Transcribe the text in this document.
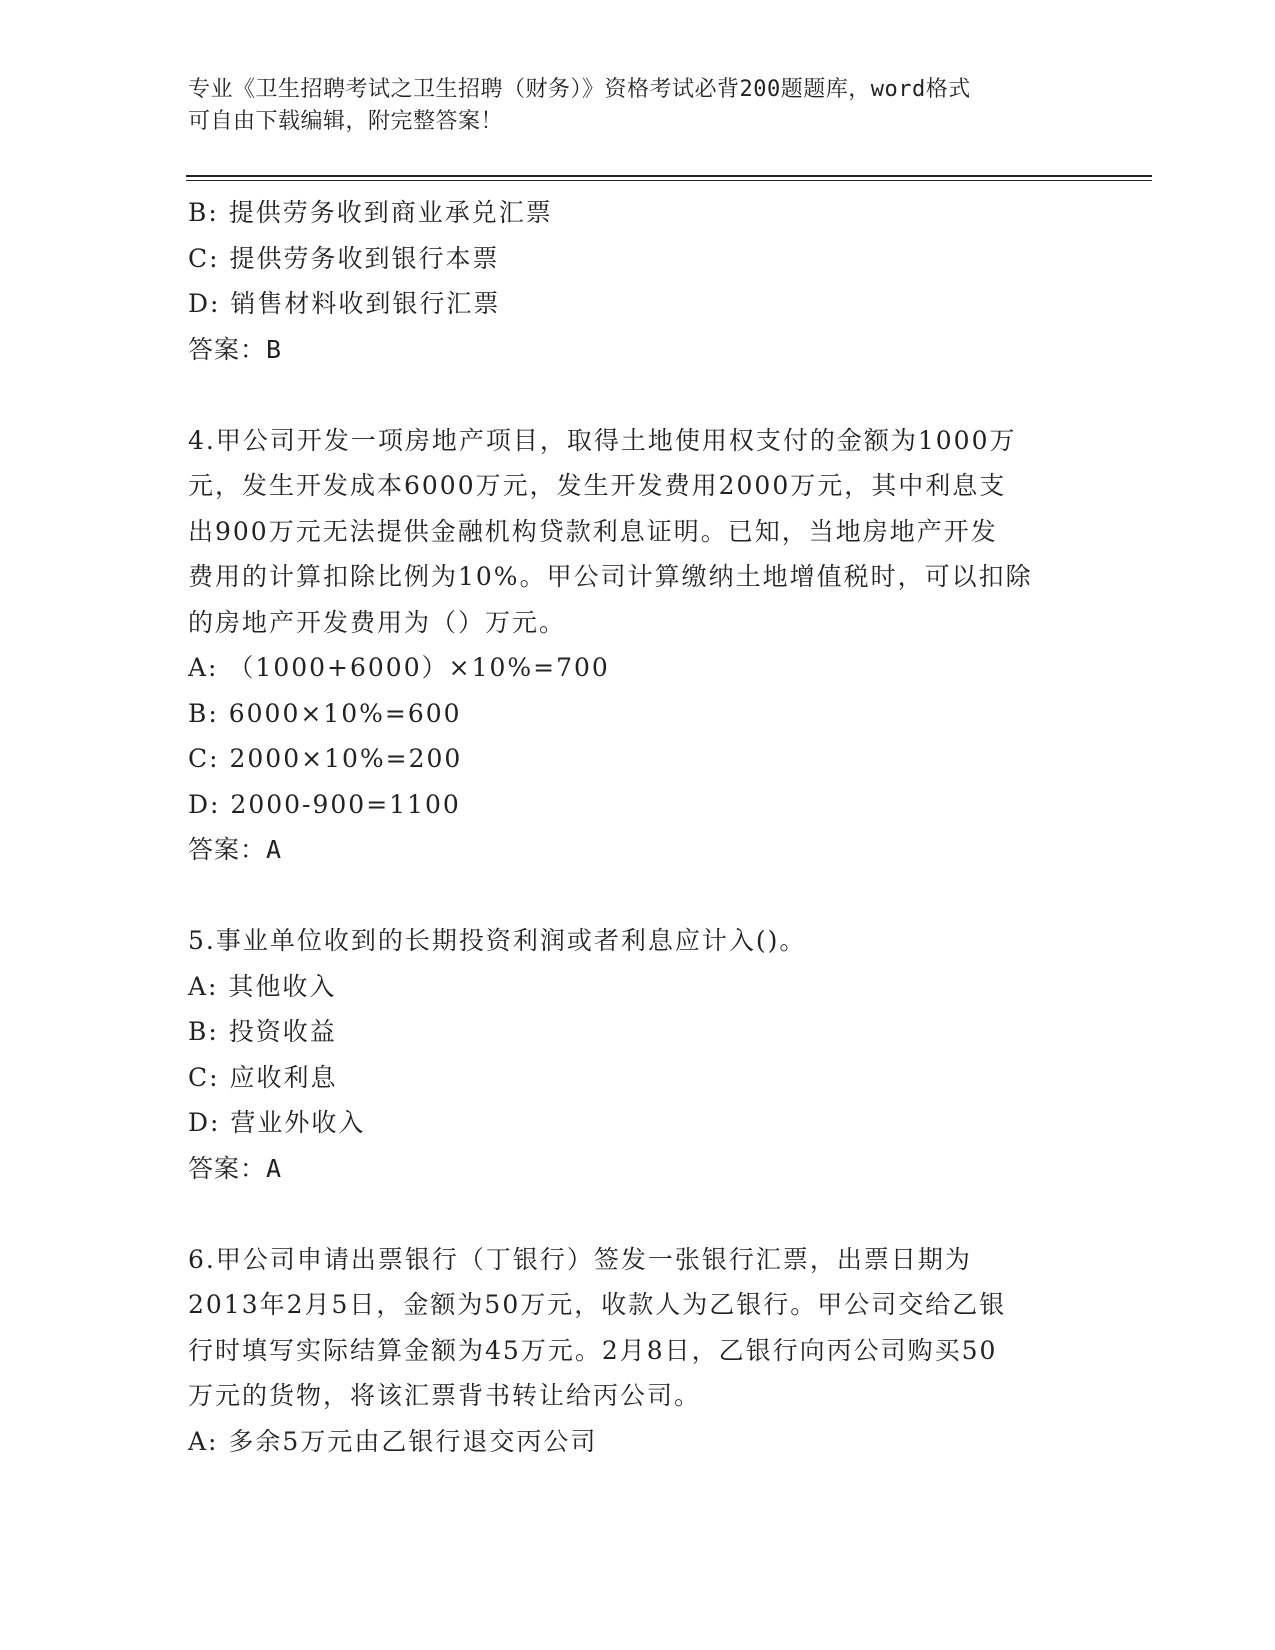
专业《卫生招聘考试之卫生招聘（财务）》资格考试必背200题题库，word格式
可自由下载编辑，附完整答案！
B: 提供劳务收到商业承兑汇票
C: 提供劳务收到银行本票
D: 销售材料收到银行汇票
答案：B
4.甲公司开发一项房地产项目，取得土地使用权支付的金额为1000万
元，发生开发成本6000万元，发生开发费用2000万元，其中利息支
出900万元无法提供金融机构贷款利息证明。已知，当地房地产开发
费用的计算扣除比例为10%。甲公司计算缴纳土地增值税时，可以扣除
的房地产开发费用为（）万元。
A: （1000+6000）×10%=700
B: 6000×10%=600
C: 2000×10%=200
D: 2000-900=1100
答案：A
5.事业单位收到的长期投资利润或者利息应计入()。
A: 其他收入
B: 投资收益
C: 应收利息
D: 营业外收入
答案：A
6.甲公司申请出票银行（丁银行）签发一张银行汇票，出票日期为
2013年2月5日，金额为50万元，收款人为乙银行。甲公司交给乙银
行时填写实际结算金额为45万元。2月8日，乙银行向丙公司购买50
万元的货物，将该汇票背书转让给丙公司。
A: 多余5万元由乙银行退交丙公司
